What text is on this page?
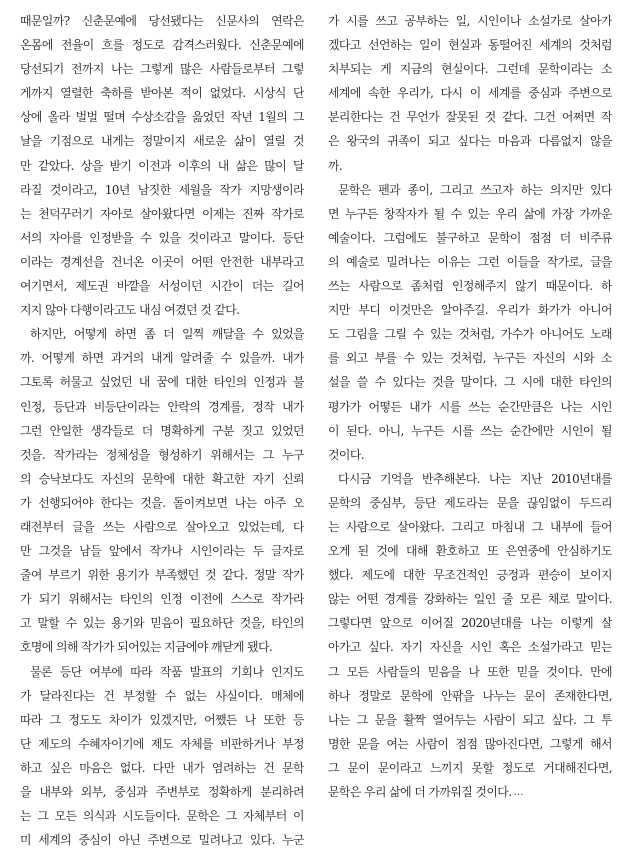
때문일까? 신춘문예에 당선됐다는 신문사의 연락은
온몸에 전율이 흐를 정도로 감격스러웠다. 신춘문예에
당선되기 전까지 나는 그렇게 많은 사람들로부터 그렇
게까지 열렬한 축하를 받아본 적이 없었다. 시상식 단
상에 올라 벌벌 떨며 수상소감을 읊었던 작년 1월의 그
날을 기점으로 내게는 정말이지 새로운 삶이 열릴 것
만 같았다. 상을 받기 이전과 이후의 내 삶은 많이 달
라질 것이라고, 10년 남짓한 세월을 작가 지망생이라
는 천덕꾸러기 자아로 살아왔다면 이제는 진짜 작가로
서의 자아를 인정받을 수 있을 것이라고 말이다. 등단
이라는 경계선을 건너온 이곳이 어떤 안전한 내부라고
여기면서, 제도권 바깥을 서성이던 시간이 더는 길어
지지 않아 다행이라고도 내심 여겼던 것 같다.
하지만, 어떻게 하면 좀 더 일찍 깨달을 수 있었을
까. 어떻게 하면 과거의 내게 알려줄 수 있을까. 내가
그토록 허물고 싶었던 내 꿈에 대한 타인의 인정과 불
인정, 등단과 비등단이라는 안락의 경계를, 정작 내가
그런 안일한 생각들로 더 명확하게 구분 짓고 있었던
것을. 작가라는 정체성을 형성하기 위해서는 그 누구
의 승낙보다도 자신의 문학에 대한 확고한 자기 신뢰
가 선행되어야 한다는 것을. 돌이켜보면 나는 아주 오
래전부터 글을 쓰는 사람으로 살아오고 있었는데, 다
만 그것을 남들 앞에서 작가나 시인이라는 두 글자로
줄여 부르기 위한 용기가 부족했던 것 같다. 정말 작가
가 되기 위해서는 타인의 인정 이전에 스스로 작가라
고 말할 수 있는 용기와 믿음이 필요하단 것을, 타인의
호명에 의해 작가가 되어있는 지금에야 깨닫게 됐다.
물론 등단 여부에 따라 작품 발표의 기회나 인지도
가 달라진다는 건 부정할 수 없는 사실이다. 매체에
따라 그 정도도 차이가 있겠지만, 어쨌든 나 또한 등
단 제도의 수혜자이기에 제도 자체를 비판하거나 부정
하고 싶은 마음은 없다. 다만 내가 염려하는 건 문학
을 내부와 외부, 중심과 주변부로 정확하게 분리하려
는 그 모든 의식과 시도들이다. 문학은 그 자체부터 이
미 세계의 중심이 아닌 주변으로 밀려나고 있다. 누군
가 시를 쓰고 공부하는 일, 시인이나 소설가로 살아가
겠다고 선언하는 일이 현실과 동떨어진 세계의 것처럼
치부되는 게 지금의 현실이다. 그런데 문학이라는 소
세계에 속한 우리가, 다시 이 세계를 중심과 주변으로
분리한다는 건 무언가 잘못된 것 같다. 그건 어쩌면 작
은 왕국의 귀족이 되고 싶다는 마음과 다름없지 않을
까.
문학은 펜과 종이, 그리고 쓰고자 하는 의지만 있다
면 누구든 창작자가 될 수 있는 우리 삶에 가장 가까운
예술이다. 그럼에도 불구하고 문학이 점점 더 비주류
의 예술로 밀려나는 이유는 그런 이들을 작가로, 글을
쓰는 사람으로 좀처럼 인정해주지 않기 때문이다. 하
지만 부디 이것만은 알아주길. 우리가 화가가 아니어
도 그림을 그릴 수 있는 것처럼, 가수가 아니어도 노래
를 외고 부를 수 있는 것처럼, 누구든 자신의 시와 소
설을 쓸 수 있다는 것을 말이다. 그 시에 대한 타인의
평가가 어떻든 내가 시를 쓰는 순간만큼은 나는 시인
이 된다. 아니, 누구든 시를 쓰는 순간에만 시인이 될
것이다.
다시금 기억을 반추해본다. 나는 지난 2010년대를
문학의 중심부, 등단 제도라는 문을 끊임없이 두드리
는 사람으로 살아왔다. 그리고 마침내 그 내부에 들어
오게 된 것에 대해 환호하고 또 은연중에 안심하기도
했다. 제도에 대한 무조건적인 긍정과 편승이 보이지
않는 어떤 경계를 강화하는 일인 줄 모른 채로 말이다.
그렇다면 앞으로 이어질 2020년대를 나는 이렇게 살
아가고 싶다. 자기 자신을 시인 혹은 소설가라고 믿는
그 모든 사람들의 믿음을 나 또한 믿을 것이다. 만에
하나 정말로 문학에 안팎을 나누는 문이 존재한다면,
나는 그 문을 활짝 열어두는 사람이 되고 싶다. 그 투
명한 문을 여는 사람이 점점 많아진다면, 그렇게 해서
그 문이 문이라고 느끼지 못할 정도로 거대해진다면,
문학은 우리 삶에 더 가까워질 것이다. …
